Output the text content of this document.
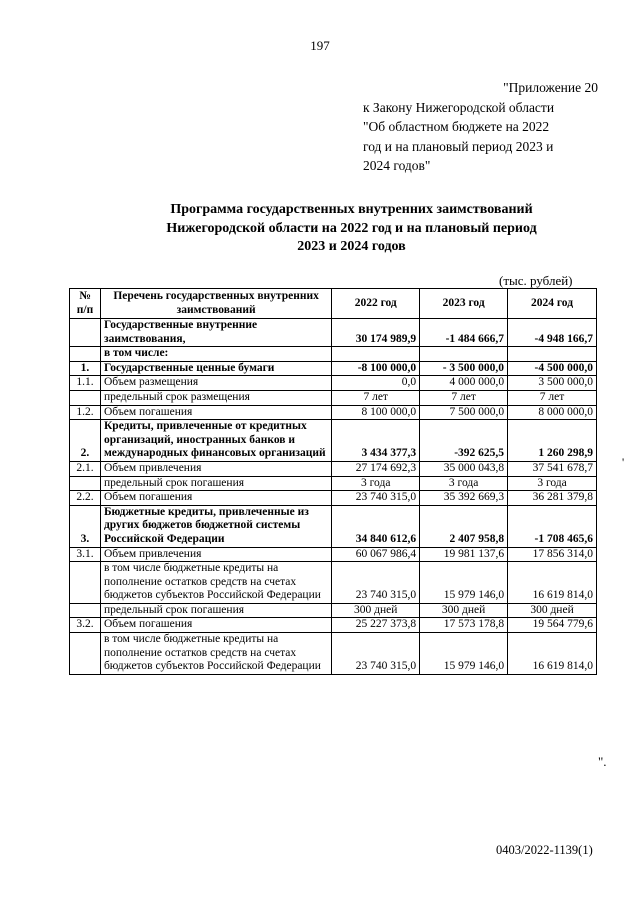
197
"Приложение 20
к Закону Нижегородской области
"Об областном бюджете на 2022
год и на плановый период 2023 и
2024 годов"
Программа государственных внутренних заимствований
Нижегородской области на 2022 год и на плановый период
2023 и 2024 годов
(тыс. рублей)
№ п/п	Перечень государственных внутренних заимствований	2022 год	2023 год	2024 год
	Государственные внутренние заимствования,	30 174 989,9	-1 484 666,7	-4 948 166,7
	в том числе:			
1.	Государственные ценные бумаги	-8 100 000,0	- 3 500 000,0	-4 500 000,0
1.1.	Объем размещения	0,0	4 000 000,0	3 500 000,0
	предельный срок размещения	7 лет	7 лет	7 лет
1.2.	Объем погашения	8 100 000,0	7 500 000,0	8 000 000,0
2.	Кредиты, привлеченные от кредитных организаций, иностранных банков и международных финансовых организаций	3 434 377,3	-392 625,5	1 260 298,9
2.1.	Объем привлечения	27 174 692,3	35 000 043,8	37 541 678,7
	предельный срок погашения	3 года	3 года	3 года
2.2.	Объем погашения	23 740 315,0	35 392 669,3	36 281 379,8
3.	Бюджетные кредиты, привлеченные из других бюджетов бюджетной системы Российской Федерации	34 840 612,6	2 407 958,8	-1 708 465,6
3.1.	Объем привлечения	60 067 986,4	19 981 137,6	17 856 314,0
	в том числе бюджетные кредиты на пополнение остатков средств на счетах бюджетов субъектов Российской Федерации	23 740 315,0	15 979 146,0	16 619 814,0
	предельный срок погашения	300 дней	300 дней	300 дней
3.2.	Объем погашения	25 227 373,8	17 573 178,8	19 564 779,6
	в том числе бюджетные кредиты на пополнение остатков средств на счетах бюджетов субъектов Российской Федерации	23 740 315,0	15 979 146,0	16 619 814,0
".
0403/2022-1139(1)
'
